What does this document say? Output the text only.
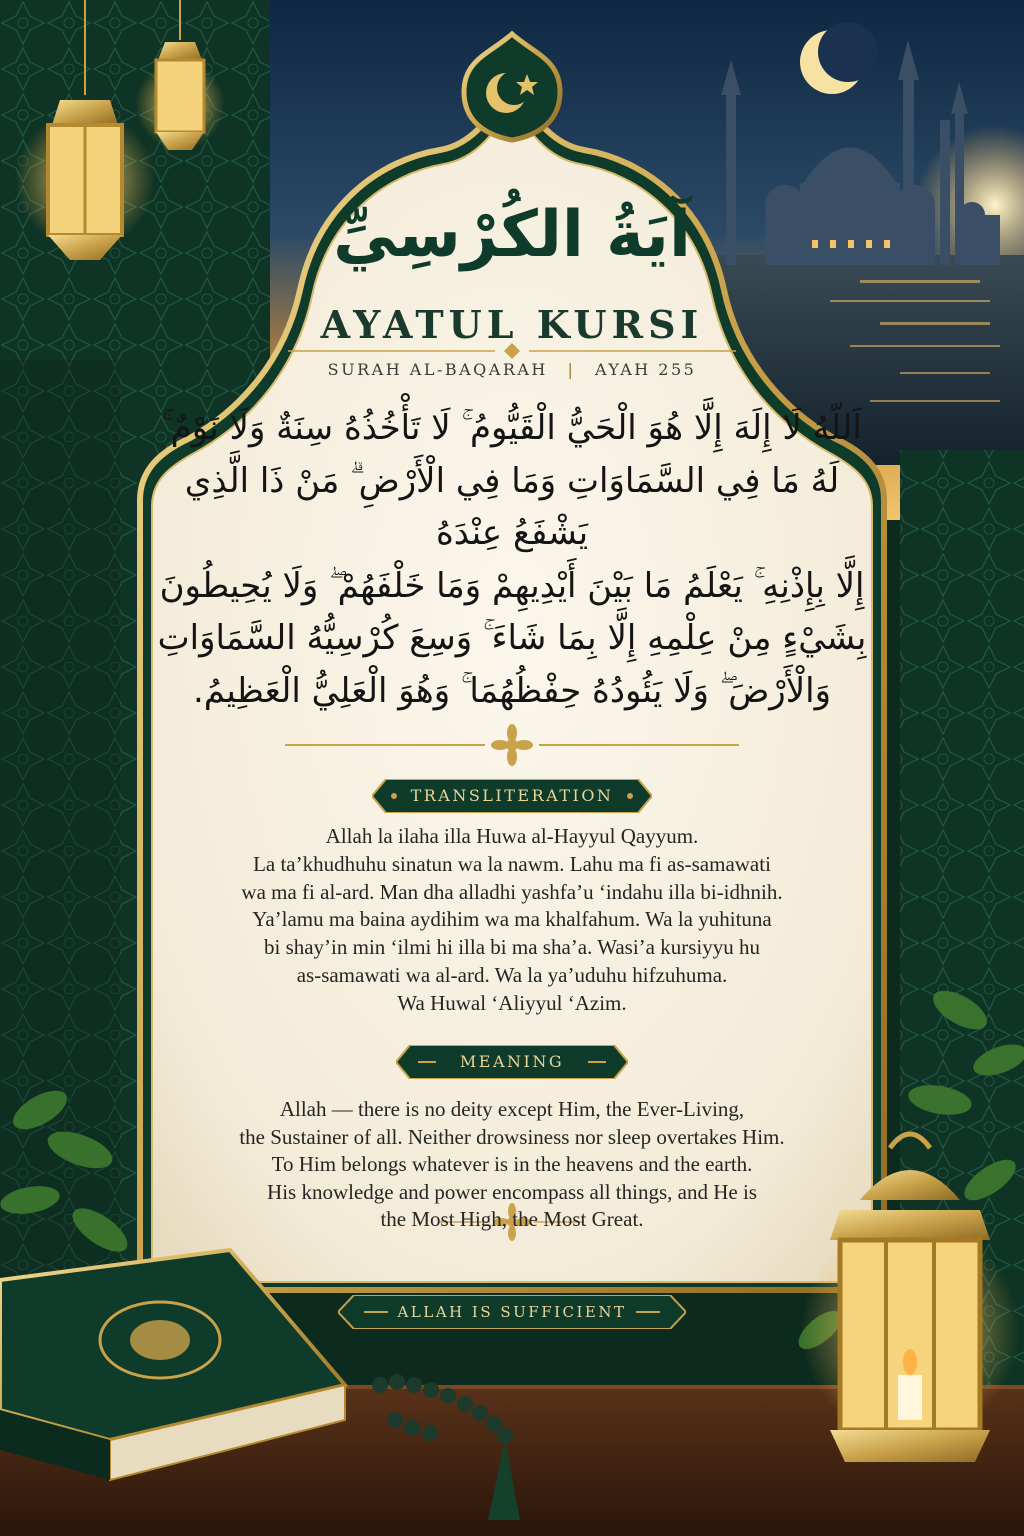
آيَةُ الكُرْسِيِّ
AYATUL KURSI
SURAH AL-BAQARAH | AYAH 255
اَللّهُ لَا إِلَهَ إِلَّا هُوَ الْحَيُّ الْقَيُّومُ ۚ لَا تَأْخُذُهُ سِنَةٌ وَلَا نَوْمٌ ۚ
لَهُ مَا فِي السَّمَاوَاتِ وَمَا فِي الْأَرْضِ ۗ مَنْ ذَا الَّذِي يَشْفَعُ عِنْدَهُ
إِلَّا بِإِذْنِهِ ۚ يَعْلَمُ مَا بَيْنَ أَيْدِيهِمْ وَمَا خَلْفَهُمْ ۖ وَلَا يُحِيطُونَ
بِشَيْءٍ مِنْ عِلْمِهِ إِلَّا بِمَا شَاءَ ۚ وَسِعَ كُرْسِيُّهُ السَّمَاوَاتِ
وَالْأَرْضَ ۖ وَلَا يَئُودُهُ حِفْظُهُمَا ۚ وَهُوَ الْعَلِيُّ الْعَظِيمُ.
TRANSLITERATION
Allah la ilaha illa Huwa al-Hayyul Qayyum.
La ta’khudhuhu sinatun wa la nawm. Lahu ma fi as-samawati
wa ma fi al-ard. Man dha alladhi yashfa’u ‘indahu illa bi-idhnih.
Ya’lamu ma baina aydihim wa ma khalfahum. Wa la yuhituna
bi shay’in min ‘ilmi hi illa bi ma sha’a. Wasi’a kursiyyu hu
as-samawati wa al-ard. Wa la ya’uduhu hifzuhuma.
Wa Huwal ‘Aliyyul ‘Azim.
MEANING
Allah — there is no deity except Him, the Ever-Living,
the Sustainer of all. Neither drowsiness nor sleep overtakes Him.
To Him belongs whatever is in the heavens and the earth.
His knowledge and power encompass all things, and He is
the Most High, the Most Great.
ALLAH IS SUFFICIENT
